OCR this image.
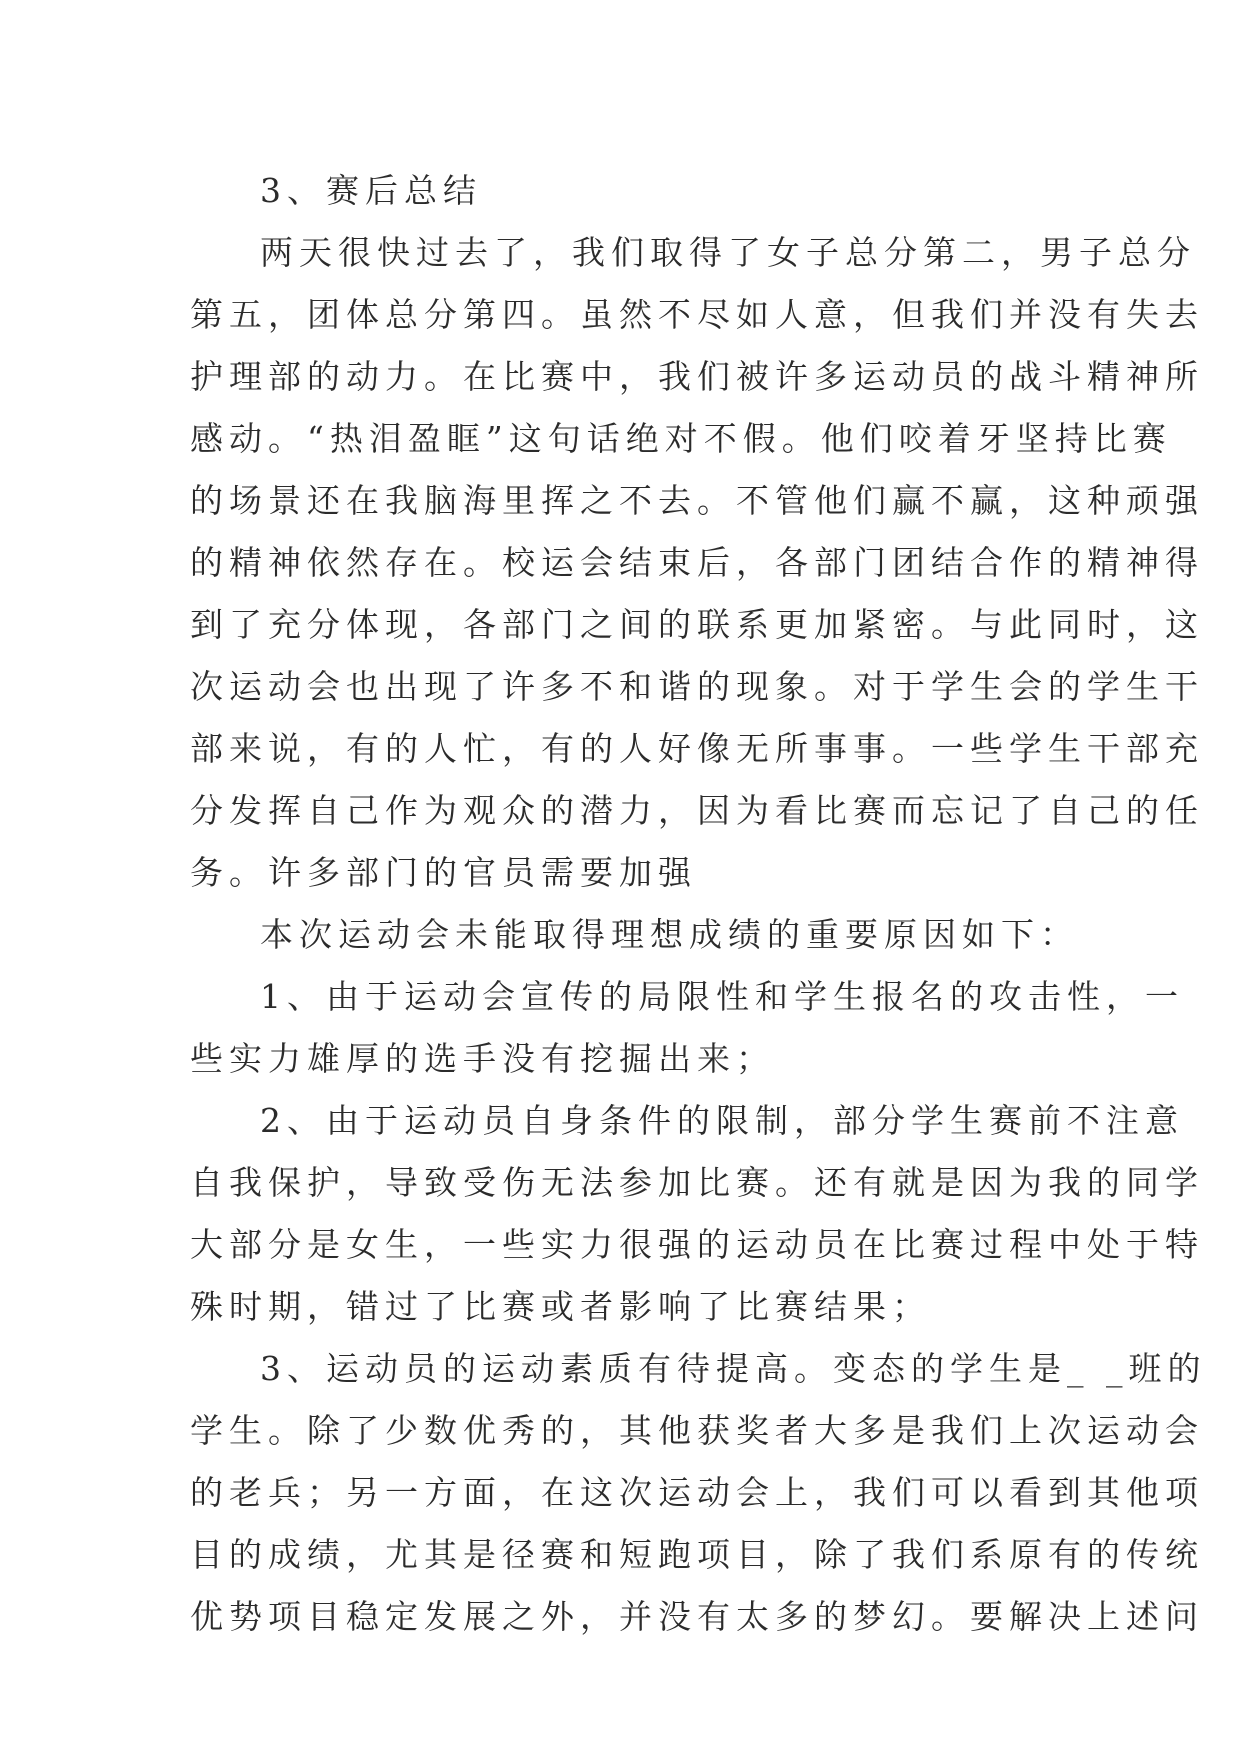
3、赛后总结
两天很快过去了，我们取得了女子总分第二，男子总分
第五，团体总分第四。虽然不尽如人意，但我们并没有失去
护理部的动力。在比赛中，我们被许多运动员的战斗精神所
感动。“热泪盈眶”这句话绝对不假。他们咬着牙坚持比赛
的场景还在我脑海里挥之不去。不管他们赢不赢，这种顽强
的精神依然存在。校运会结束后，各部门团结合作的精神得
到了充分体现，各部门之间的联系更加紧密。与此同时，这
次运动会也出现了许多不和谐的现象。对于学生会的学生干
部来说，有的人忙，有的人好像无所事事。一些学生干部充
分发挥自己作为观众的潜力，因为看比赛而忘记了自己的任
务。许多部门的官员需要加强
本次运动会未能取得理想成绩的重要原因如下：
1、由于运动会宣传的局限性和学生报名的攻击性，一
些实力雄厚的选手没有挖掘出来；
2、由于运动员自身条件的限制，部分学生赛前不注意
自我保护，导致受伤无法参加比赛。还有就是因为我的同学
大部分是女生，一些实力很强的运动员在比赛过程中处于特
殊时期，错过了比赛或者影响了比赛结果；
3、运动员的运动素质有待提高。变态的学生是_ _班的
学生。除了少数优秀的，其他获奖者大多是我们上次运动会
的老兵；另一方面，在这次运动会上，我们可以看到其他项
目的成绩，尤其是径赛和短跑项目，除了我们系原有的传统
优势项目稳定发展之外，并没有太多的梦幻。要解决上述问
